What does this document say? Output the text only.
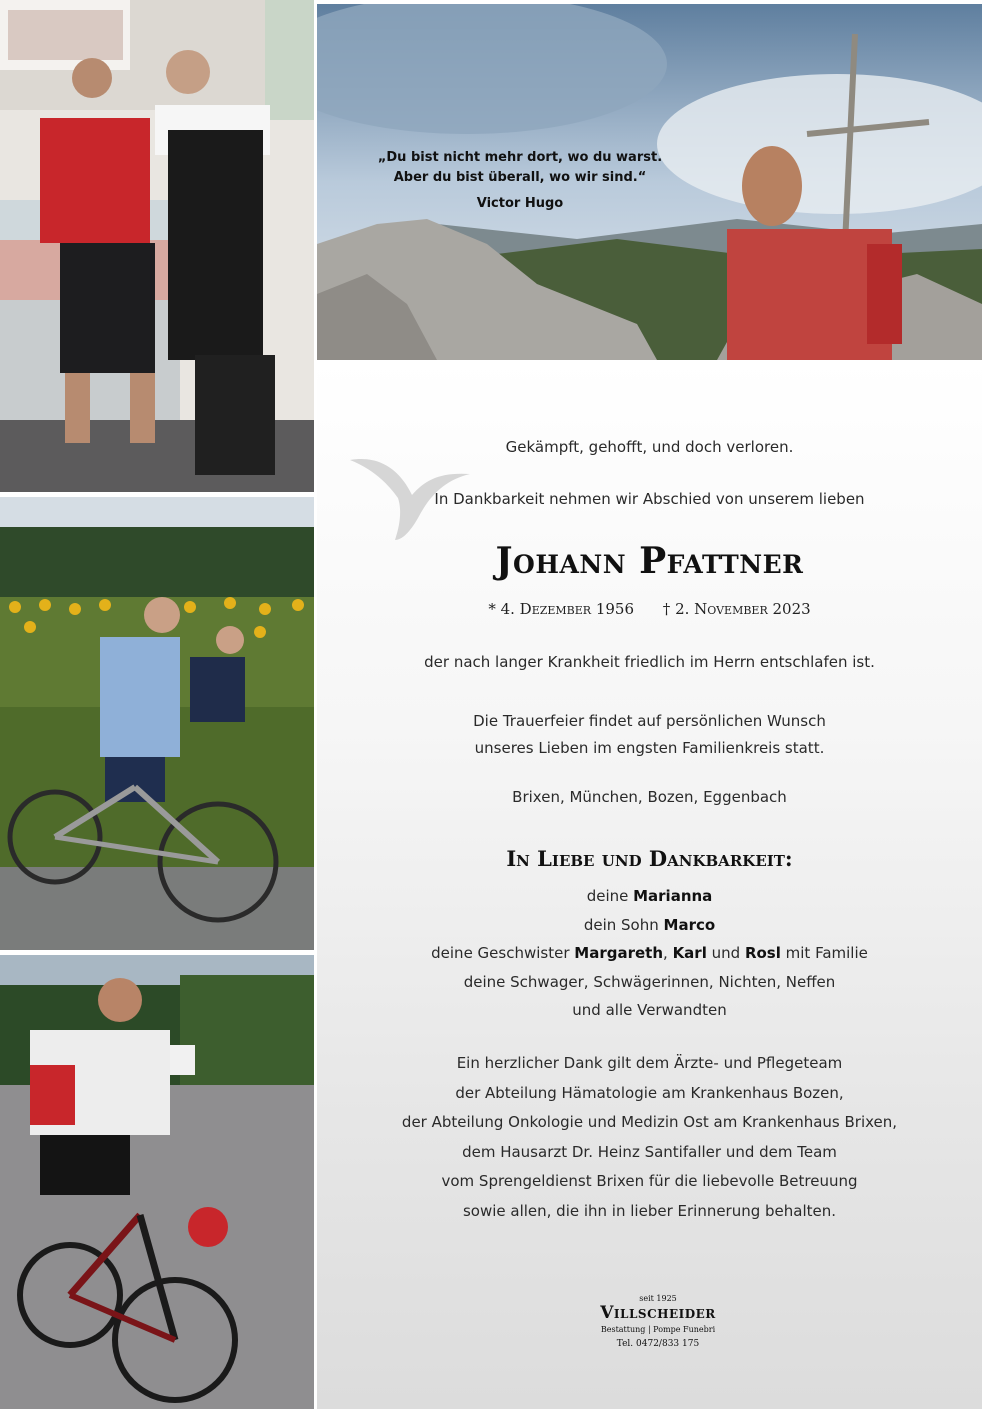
„Du bist nicht mehr dort, wo du warst.
Aber du bist überall, wo wir sind.“
Victor Hugo
Gekämpft, gehofft, und doch verloren.
In Dankbarkeit nehmen wir Abschied von unserem lieben
Johann Pfattner
* 4. Dezember 1956 † 2. November 2023
der nach langer Krankheit friedlich im Herrn entschlafen ist.
Die Trauerfeier findet auf persönlichen Wunsch
unseres Lieben im engsten Familienkreis statt.
Brixen, München, Bozen, Eggenbach
In Liebe und Dankbarkeit:
deine Marianna
dein Sohn Marco
deine Geschwister Margareth, Karl und Rosl mit Familie
deine Schwager, Schwägerinnen, Nichten, Neffen
und alle Verwandten
Ein herzlicher Dank gilt dem Ärzte- und Pflegeteam
der Abteilung Hämatologie am Krankenhaus Bozen,
der Abteilung Onkologie und Medizin Ost am Krankenhaus Brixen,
dem Hausarzt Dr. Heinz Santifaller und dem Team
vom Sprengeldienst Brixen für die liebevolle Betreuung
sowie allen, die ihn in lieber Erinnerung behalten.
seit 1925
Villscheider
Bestattung | Pompe Funebri
Tel. 0472/833 175
